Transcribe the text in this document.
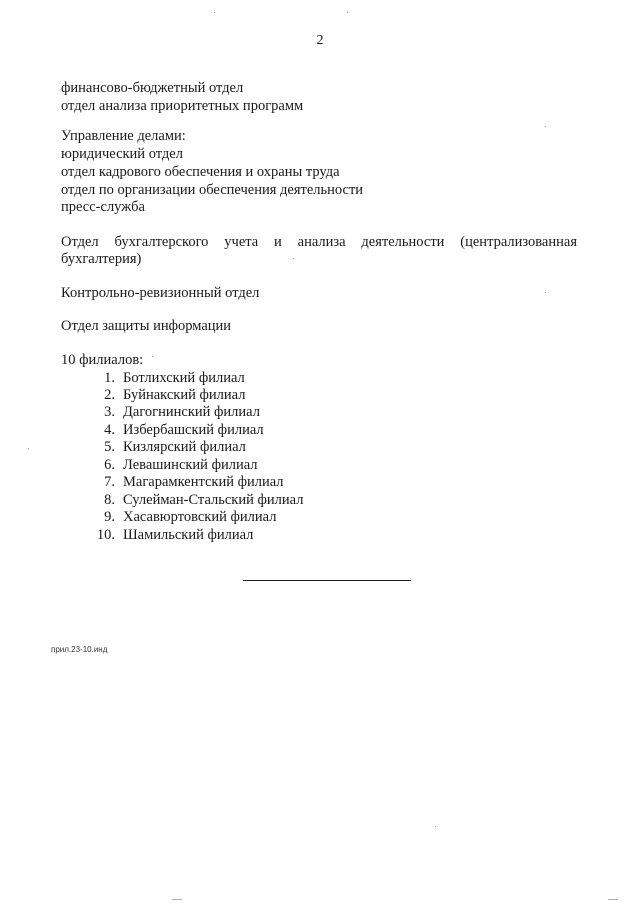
2
финансово-бюджетный отдел
отдел анализа приоритетных программ
Управление делами:
юридический отдел
отдел кадрового обеспечения и охраны труда
отдел по организации обеспечения деятельности
пресс-служба
Отдел бухгалтерского учета и анализа деятельности (централизованная бухгалтерия)
Контрольно-ревизионный отдел
Отдел защиты информации
10 филиалов:
1. Ботлихский филиал
2. Буйнакский филиал
3. Дагогнинский филиал
4. Избербашский филиал
5. Кизлярский филиал
6. Левашинский филиал
7. Магарамкентский филиал
8. Сулейман-Стальский филиал
9. Хасавюртовский филиал
10. Шамильский филиал
прил.23-10.инд
